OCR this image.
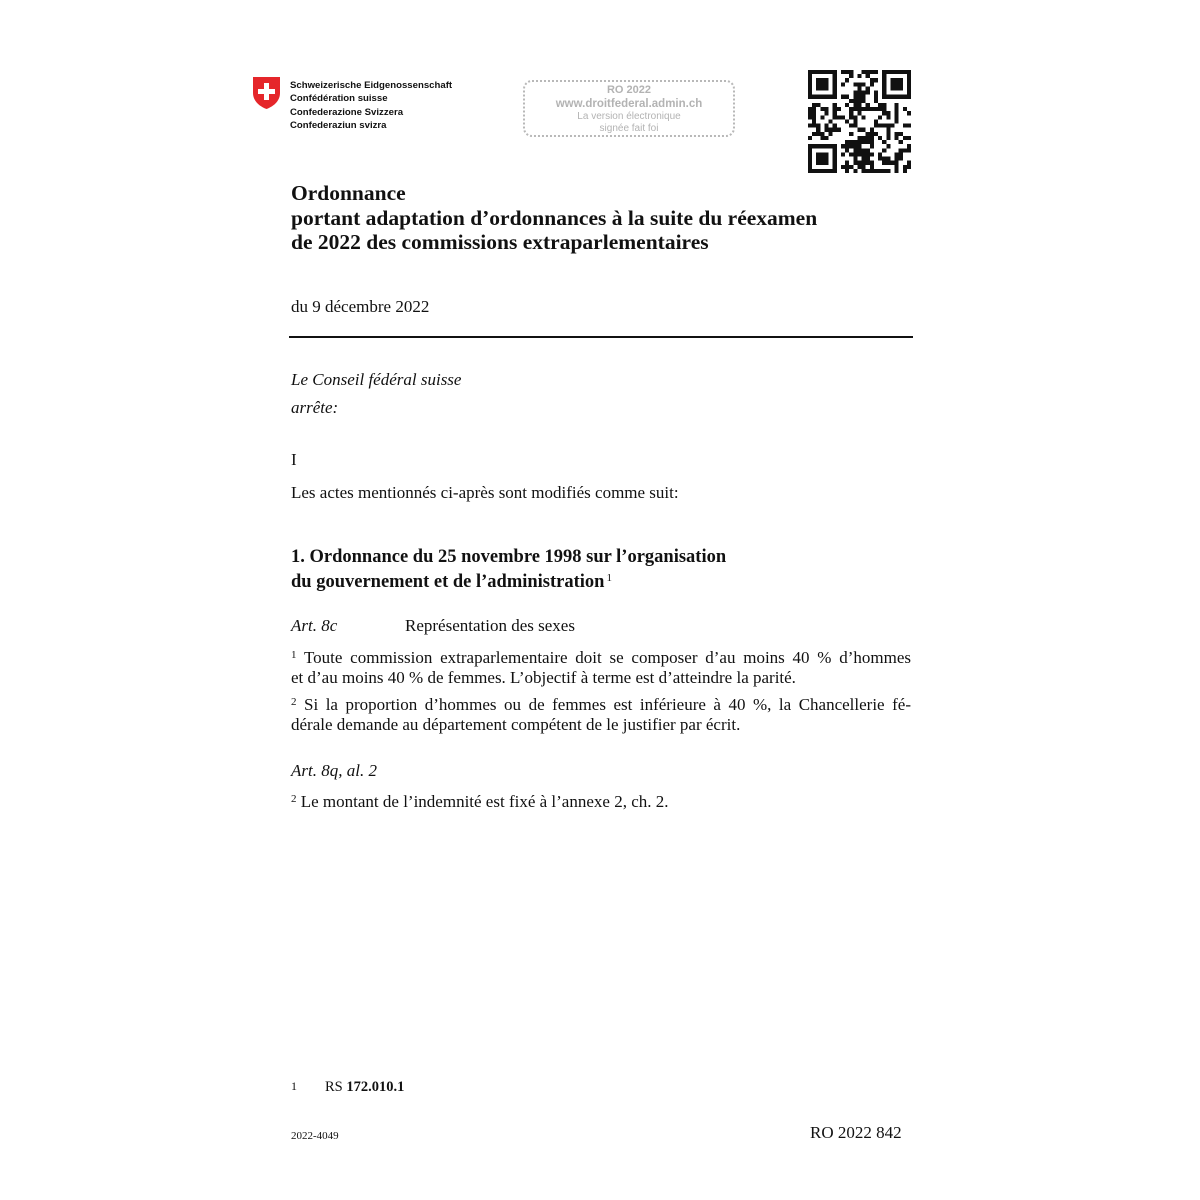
Schweizerische Eidgenossenschaft
Confédération suisse
Confederazione Svizzera
Confederaziun svizra
RO 2022
www.droitfederal.admin.ch
La version électronique
signée fait foi
Ordonnance
portant adaptation d’ordonnances à la suite du réexamen
de 2022 des commissions extraparlementaires
du 9 décembre 2022
Le Conseil fédéral suisse
arrête:
I
Les actes mentionnés ci-après sont modifiés comme suit:
1. Ordonnance du 25 novembre 1998 sur l’organisation
du gouvernement et de l’administration $^1$
Art. 8c	Représentation des sexes
$^1$ Toute commission extraparlementaire doit se composer d’au moins 40 % d’hommes
et d’au moins 40 % de femmes. L’objectif à terme est d’atteindre la parité.
$^2$ Si la proportion d’hommes ou de femmes est inférieure à 40 %, la Chancellerie fé-
dérale demande au département compétent de le justifier par écrit.
Art. 8q, al. 2
$^2$ Le montant de l’indemnité est fixé à l’annexe 2, ch. 2.
1 RS 172.010.1
2022-4049	RO 2022 842
